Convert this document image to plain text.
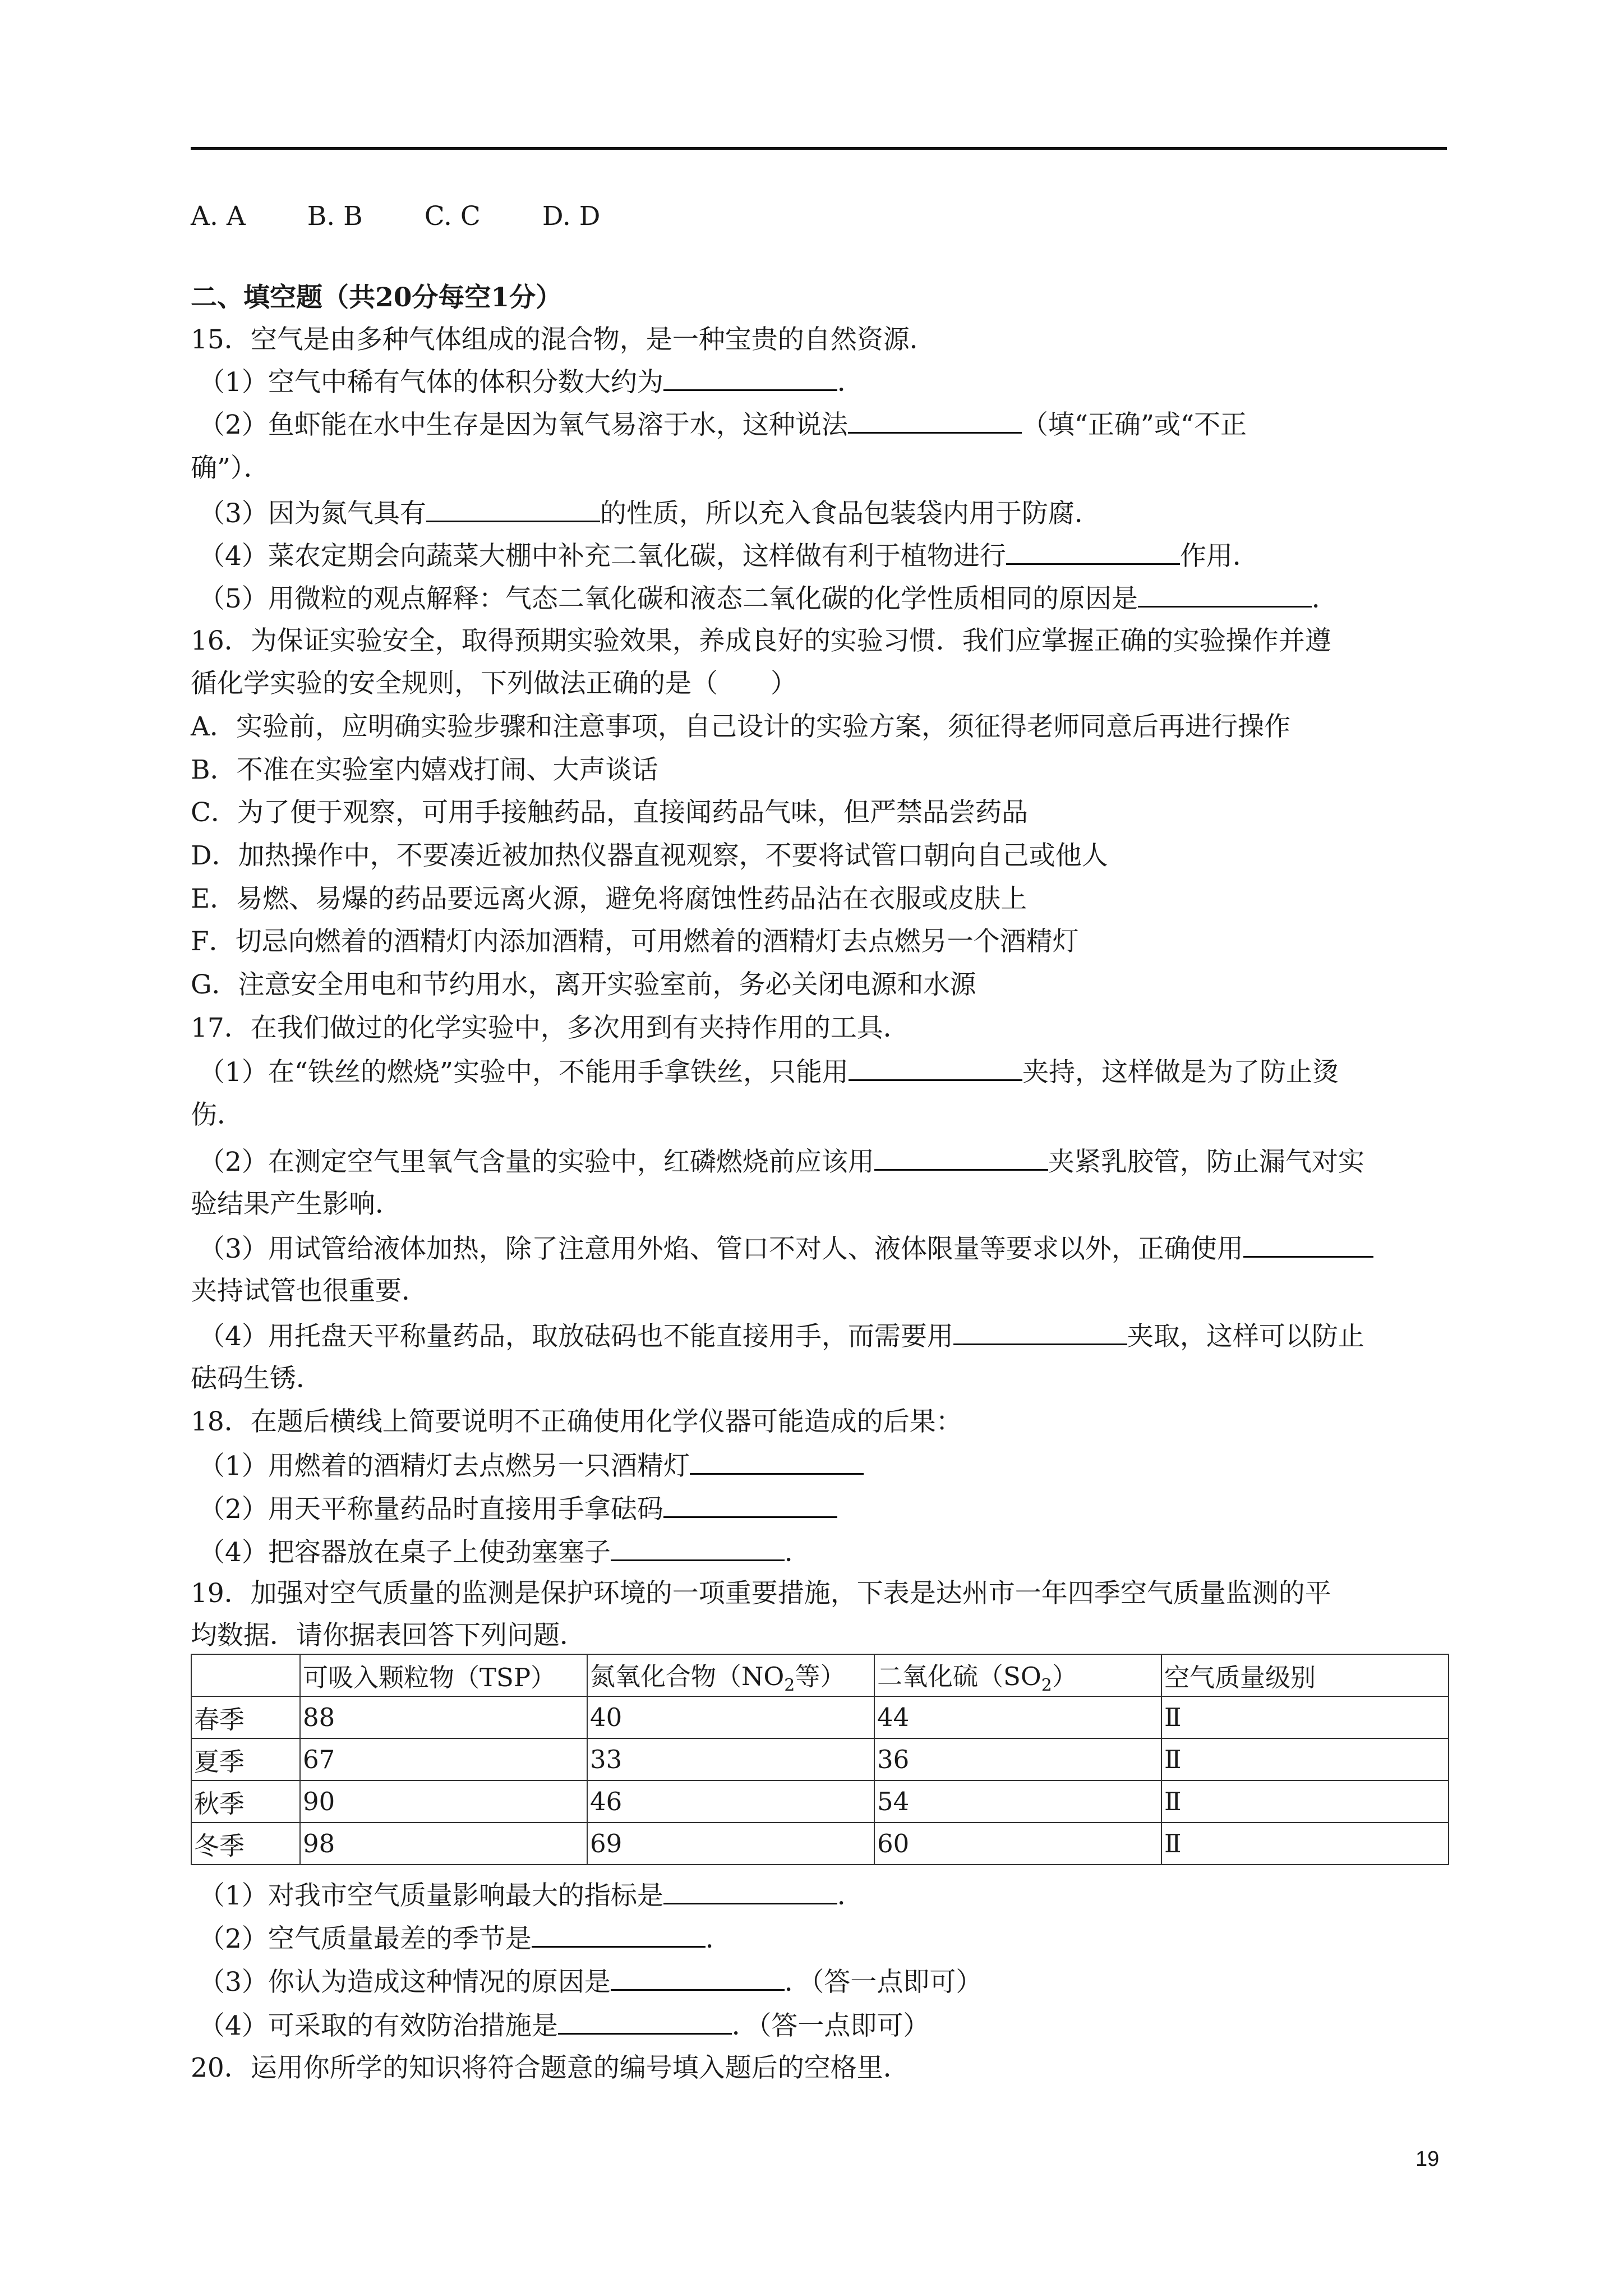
A. A B. B C. C D. D
二、填空题（共20分每空1分）
15．空气是由多种气体组成的混合物，是一种宝贵的自然资源．
（1）空气中稀有气体的体积分数大约为	．
（2）鱼虾能在水中生存是因为氧气易溶于水，这种说法	（填“正确”或“不正
确”）．
（3）因为氮气具有	的性质，所以充入食品包装袋内用于防腐．
（4）菜农定期会向蔬菜大棚中补充二氧化碳，这样做有利于植物进行	作用．
（5）用微粒的观点解释：气态二氧化碳和液态二氧化碳的化学性质相同的原因是	．
16．为保证实验安全，取得预期实验效果，养成良好的实验习惯．我们应掌握正确的实验操作并遵
循化学实验的安全规则，下列做法正确的是（　　）
A．实验前，应明确实验步骤和注意事项，自己设计的实验方案，须征得老师同意后再进行操作
B．不准在实验室内嬉戏打闹、大声谈话
C．为了便于观察，可用手接触药品，直接闻药品气味，但严禁品尝药品
D．加热操作中，不要凑近被加热仪器直视观察，不要将试管口朝向自己或他人
E．易燃、易爆的药品要远离火源，避免将腐蚀性药品沾在衣服或皮肤上
F．切忌向燃着的酒精灯内添加酒精，可用燃着的酒精灯去点燃另一个酒精灯
G．注意安全用电和节约用水，离开实验室前，务必关闭电源和水源
17．在我们做过的化学实验中，多次用到有夹持作用的工具．
（1）在“铁丝的燃烧”实验中，不能用手拿铁丝，只能用	夹持，这样做是为了防止烫
伤．
（2）在测定空气里氧气含量的实验中，红磷燃烧前应该用	夹紧乳胶管，防止漏气对实
验结果产生影响．
（3）用试管给液体加热，除了注意用外焰、管口不对人、液体限量等要求以外，正确使用
夹持试管也很重要．
（4）用托盘天平称量药品，取放砝码也不能直接用手，而需要用	夹取，这样可以防止
砝码生锈．
18．在题后横线上简要说明不正确使用化学仪器可能造成的后果：
（1）用燃着的酒精灯去点燃另一只酒精灯
（2）用天平称量药品时直接用手拿砝码
（4）把容器放在桌子上使劲塞塞子	．
19．加强对空气质量的监测是保护环境的一项重要措施，下表是达州市一年四季空气质量监测的平
均数据．请你据表回答下列问题．
	可吸入颗粒物（TSP）	氮氧化合物（$NO_2$等）	二氧化硫$(SO_2)$	空气质量级别
春季	88	40	44	Ⅱ
夏季	67	33	36	Ⅱ
秋季	90	46	54	Ⅱ
冬季	98	69	60	Ⅱ
（1）对我市空气质量影响最大的指标是	．
（2）空气质量最差的季节是	．
（3）你认为造成这种情况的原因是	．（答一点即可）
（4）可采取的有效防治措施是	．（答一点即可）
20．运用你所学的知识将符合题意的编号填入题后的空格里．
19
